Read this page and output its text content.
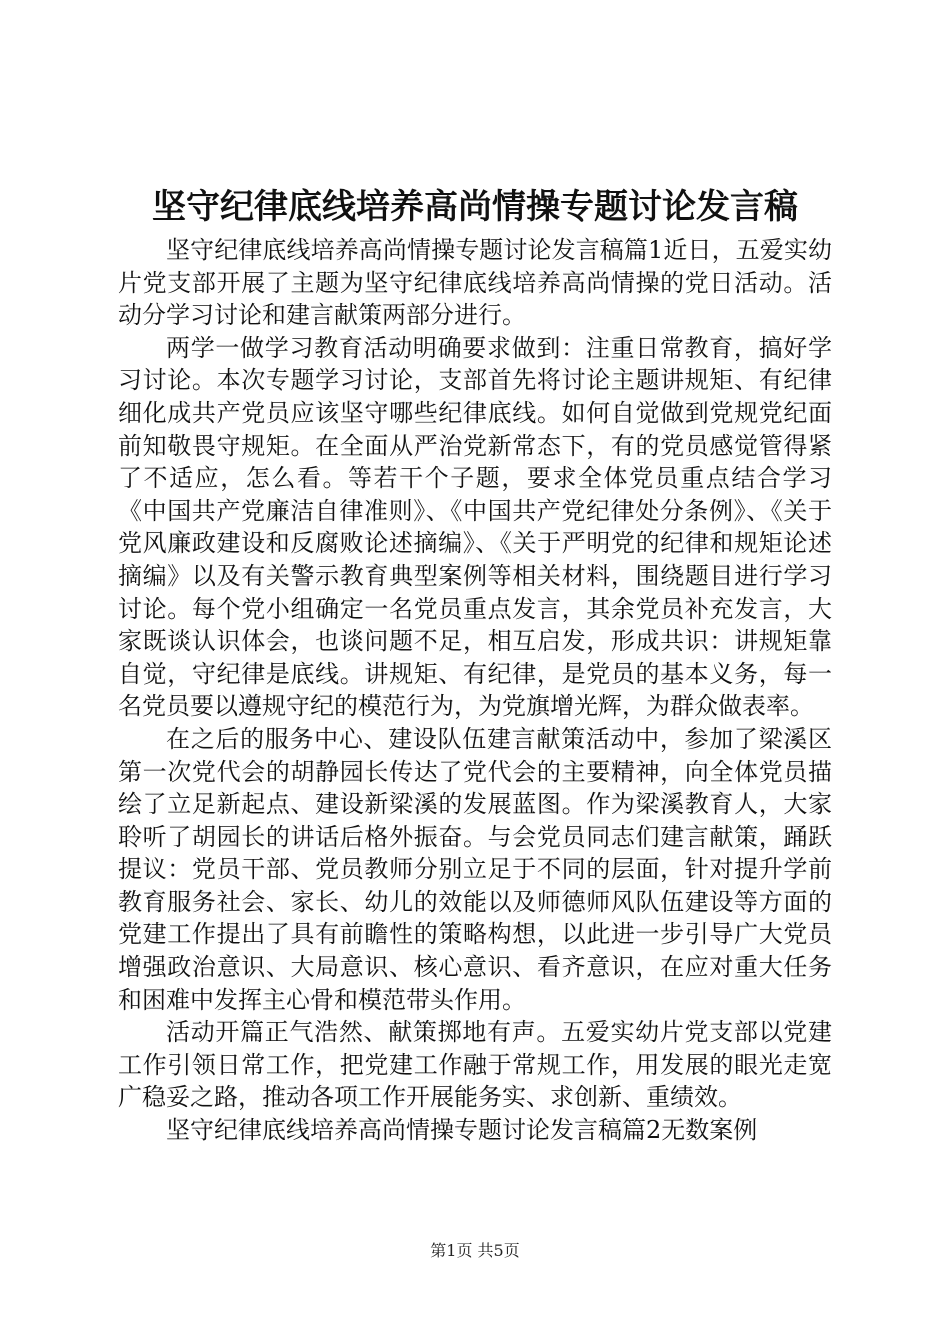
坚守纪律底线培养高尚情操专题讨论发言稿

坚守纪律底线培养高尚情操专题讨论发言稿篇1近日，五爱实幼片党支部开展了主题为坚守纪律底线培养高尚情操的党日活动。活动分学习讨论和建言献策两部分进行。

两学一做学习教育活动明确要求做到：注重日常教育，搞好学习讨论。本次专题学习讨论，支部首先将讨论主题讲规矩、有纪律细化成共产党员应该坚守哪些纪律底线。如何自觉做到党规党纪面前知敬畏守规矩。在全面从严治党新常态下，有的党员感觉管得紧了不适应，怎么看。等若干个子题，要求全体党员重点结合学习《中国共产党廉洁自律准则》、《中国共产党纪律处分条例》、《关于党风廉政建设和反腐败论述摘编》、《关于严明党的纪律和规矩论述摘编》以及有关警示教育典型案例等相关材料，围绕题目进行学习讨论。每个党小组确定一名党员重点发言，其余党员补充发言，大家既谈认识体会，也谈问题不足，相互启发，形成共识：讲规矩靠自觉，守纪律是底线。讲规矩、有纪律，是党员的基本义务，每一名党员要以遵规守纪的模范行为，为党旗增光辉，为群众做表率。

在之后的服务中心、建设队伍建言献策活动中，参加了梁溪区第一次党代会的胡静园长传达了党代会的主要精神，向全体党员描绘了立足新起点、建设新梁溪的发展蓝图。作为梁溪教育人，大家聆听了胡园长的讲话后格外振奋。与会党员同志们建言献策，踊跃提议：党员干部、党员教师分别立足于不同的层面，针对提升学前教育服务社会、家长、幼儿的效能以及师德师风队伍建设等方面的党建工作提出了具有前瞻性的策略构想，以此进一步引导广大党员增强政治意识、大局意识、核心意识、看齐意识，在应对重大任务和困难中发挥主心骨和模范带头作用。

活动开篇正气浩然、献策掷地有声。五爱实幼片党支部以党建工作引领日常工作，把党建工作融于常规工作，用发展的眼光走宽广稳妥之路，推动各项工作开展能务实、求创新、重绩效。

坚守纪律底线培养高尚情操专题讨论发言稿篇2无数案例

第1页 共5页
